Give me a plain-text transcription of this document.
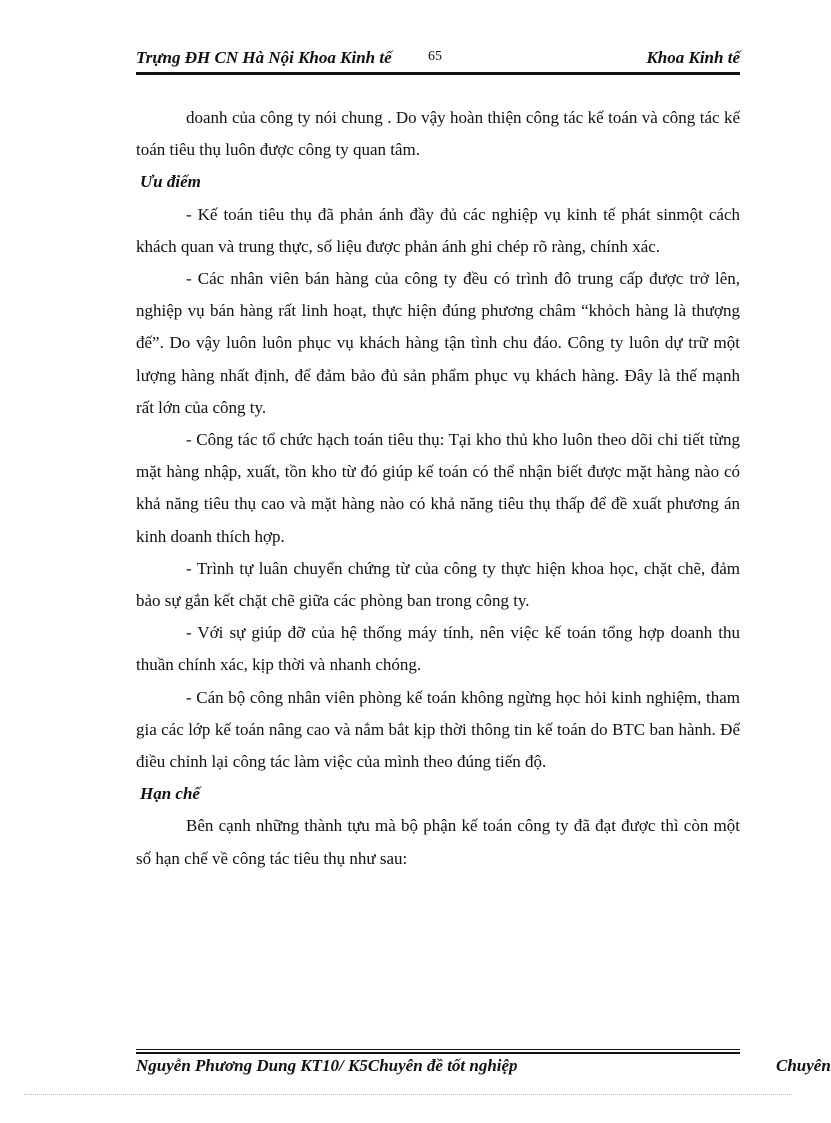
Trựng ĐH CN Hà Nội Khoa Kinh tế	65	Khoa Kinh tế

doanh của công ty nói chung . Do vậy hoàn thiện công tác kế toán và công tác kế toán tiêu thụ luôn được công ty quan tâm.

Ưu điểm

- Kế toán tiêu thụ đã phản ánh đầy đủ các nghiệp vụ kinh tế phát sinmột cách khách quan và trung thực, số liệu được phản ánh ghi chép rõ ràng, chính xác.

- Các nhân viên bán hàng của công ty đều có trình đô trung cấp được trở lên, nghiệp vụ bán hàng rất linh hoạt, thực hiện đúng phương châm “khỏch hàng là thượng đế”. Do vậy luôn luôn phục vụ khách hàng tận tình chu đáo. Công ty luôn dự trữ một lượng hàng nhất định, để đảm bảo đủ sản phẩm phục vụ khách hàng. Đây là thế mạnh rất lớn của công ty.

- Công tác tổ chức hạch toán tiêu thụ: Tại kho thủ kho luôn theo dõi chi tiết từng mặt hàng nhập, xuất, tồn kho từ đó giúp kế toán có thể nhận biết được mặt hàng nào có khả năng tiêu thụ cao và mặt hàng nào có khả năng tiêu thụ thấp để đề xuất phương án kinh doanh thích hợp.

- Trình tự luân chuyển chứng từ của công ty thực hiện khoa học, chặt chẽ, đảm bảo sự gắn kết chặt chẽ giữa các phòng ban trong công ty.

- Với sự giúp đỡ của hệ thống máy tính, nên việc kế toán tổng hợp doanh thu thuần chính xác, kịp thời và nhanh chóng.

- Cán bộ công nhân viên phòng kế toán không ngừng học hỏi kinh nghiệm, tham gia các lớp kế toán nâng cao và nắm bắt kịp thời thông tin kế toán do BTC ban hành. Để điều chỉnh lại công tác làm việc của mình theo đúng tiến độ.

Hạn chế

Bên cạnh những thành tựu mà bộ phận kế toán công ty đã đạt được thì còn một số hạn chế về công tác tiêu thụ như sau:

Nguyễn Phương Dung KT10/ K5Chuyên đề tốt nghiệp	Chuyên
